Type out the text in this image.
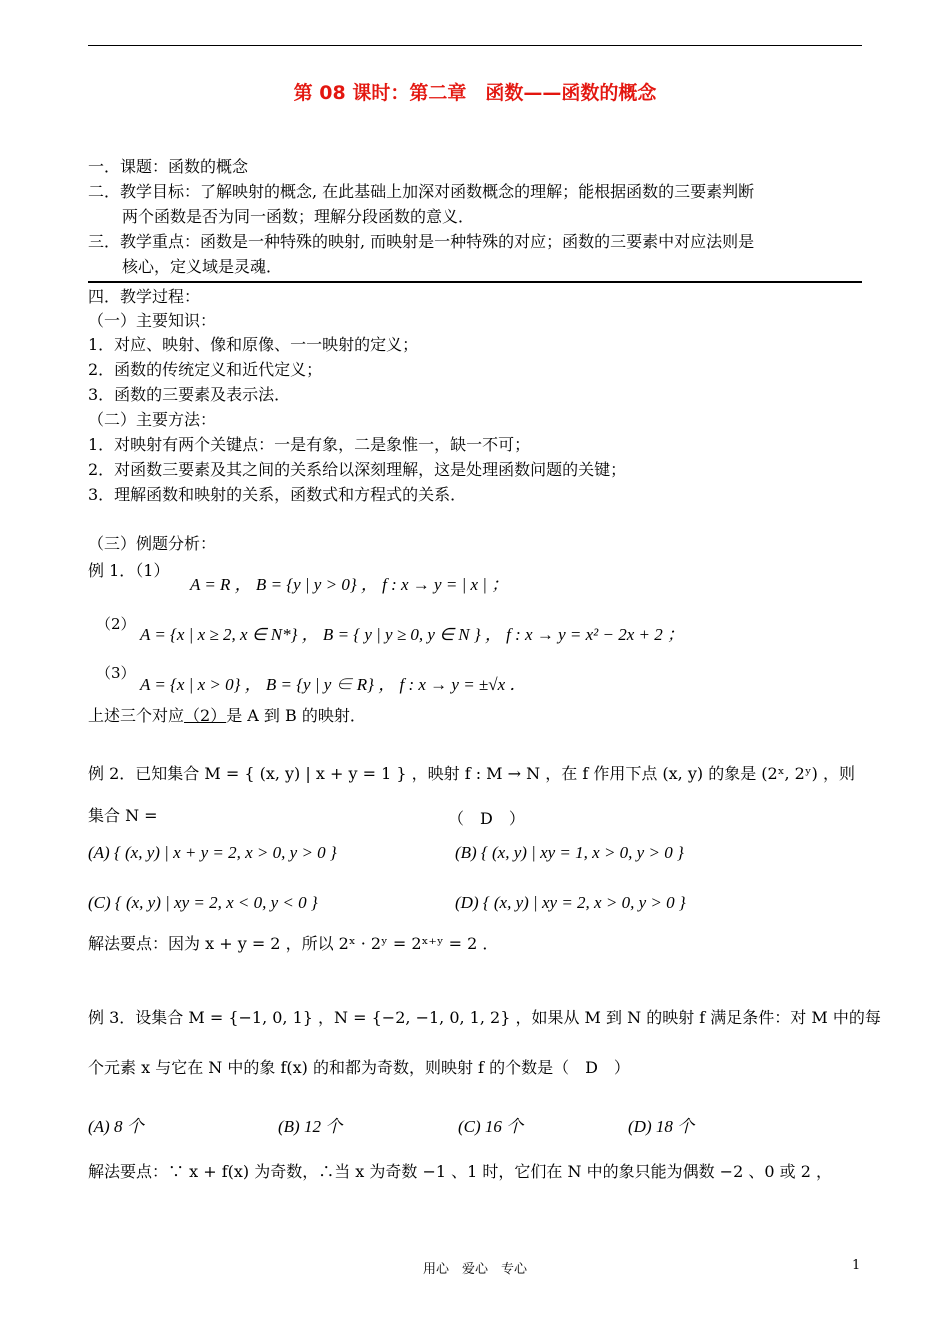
第 08 课时：第二章　函数——函数的概念
一．课题：函数的概念
二．教学目标：了解映射的概念, 在此基础上加深对函数概念的理解；能根据函数的三要素判断
两个函数是否为同一函数；理解分段函数的意义．
三．教学重点：函数是一种特殊的映射, 而映射是一种特殊的对应；函数的三要素中对应法则是
核心，定义域是灵魂．
四．教学过程：
（一）主要知识：
1．对应、映射、像和原像、一一映射的定义；
2．函数的传统定义和近代定义；
3．函数的三要素及表示法．
（二）主要方法：
1．对映射有两个关键点：一是有象，二是象惟一，缺一不可；
2．对函数三要素及其之间的关系给以深刻理解，这是处理函数问题的关键；
3．理解函数和映射的关系，函数式和方程式的关系．
（三）例题分析：
例 1．（1）
A = R ， B = {y | y > 0} ， f : x → y = | x | ；
（2）
A = {x | x ≥ 2, x ∈ N*} ， B = { y | y ≥ 0, y ∈ N } ， f : x → y = x² − 2x + 2 ；
（3）
A = {x | x > 0} ， B = {y | y ∈ R} ， f : x → y = ±√x ．
上述三个对应（2）是 A 到 B 的映射．
例 2．已知集合 M = { (x, y) | x + y = 1 } ，映射 f : M → N ，在 f 作用下点 (x, y) 的象是 (2ˣ, 2ʸ) ，则
集合 N =	（　D　）
(A) { (x, y) | x + y = 2, x > 0, y > 0 }	(B) { (x, y) | xy = 1, x > 0, y > 0 }
(C) { (x, y) | xy = 2, x < 0, y < 0 }	(D) { (x, y) | xy = 2, x > 0, y > 0 }
解法要点：因为 x + y = 2 ，所以 2ˣ · 2ʸ = 2ˣ⁺ʸ = 2 ．
例 3．设集合 M = {−1, 0, 1} ，N = {−2, −1, 0, 1, 2} ，如果从 M 到 N 的映射 f 满足条件：对 M 中的每
个元素 x 与它在 N 中的象 f(x) 的和都为奇数，则映射 f 的个数是（　D　）
(A) 8 个	(B) 12 个	(C) 16 个	(D) 18 个
解法要点：∵ x + f(x) 为奇数，∴当 x 为奇数 −1 、1 时，它们在 N 中的象只能为偶数 −2 、0 或 2 ，
用心　爱心　专心	1
